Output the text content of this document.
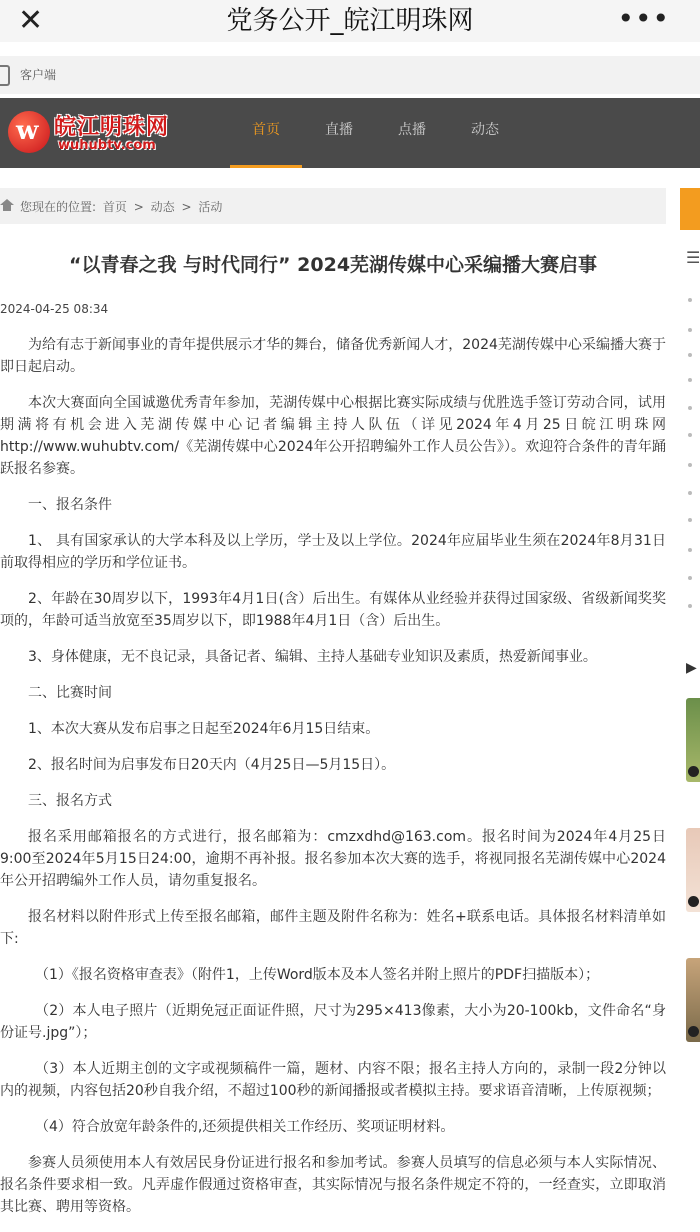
✕	党务公开_皖江明珠网	•••
客户端
w 皖江明珠网
wuhubtv.com
首页	直播	点播	动态
您现在的位置: 首页 > 动态 > 活动
☰
▶
“以青春之我 与时代同行” 2024芜湖传媒中心采编播大赛启事
2024-04-25 08:34

为给有志于新闻事业的青年提供展示才华的舞台，储备优秀新闻人才，2024芜湖传媒中心采编播大赛于即日起启动。

本次大赛面向全国诚邀优秀青年参加，芜湖传媒中心根据比赛实际成绩与优胜选手签订劳动合同，试用期满将有机会进入芜湖传媒中心记者编辑主持人队伍（详见2024年4月25日皖江明珠网http://www.wuhubtv.com/《芜湖传媒中心2024年公开招聘编外工作人员公告》）。欢迎符合条件的青年踊跃报名参赛。

一、报名条件

1、 具有国家承认的大学本科及以上学历，学士及以上学位。2024年应届毕业生须在2024年8月31日前取得相应的学历和学位证书。

2、年龄在30周岁以下，1993年4月1日(含）后出生。有媒体从业经验并获得过国家级、省级新闻奖奖项的，年龄可适当放宽至35周岁以下，即1988年4月1日（含）后出生。

3、身体健康，无不良记录，具备记者、编辑、主持人基础专业知识及素质，热爱新闻事业。

二、比赛时间

1、本次大赛从发布启事之日起至2024年6月15日结束。

2、报名时间为启事发布日20天内（4月25日—5月15日）。

三、报名方式

报名采用邮箱报名的方式进行，报名邮箱为：cmzxdhd@163.com。报名时间为2024年4月25日9:00至2024年5月15日24:00，逾期不再补报。报名参加本次大赛的选手，将视同报名芜湖传媒中心2024年公开招聘编外工作人员，请勿重复报名。

报名材料以附件形式上传至报名邮箱，邮件主题及附件名称为：姓名+联系电话。具体报名材料清单如下:

（1）《报名资格审查表》（附件1，上传Word版本及本人签名并附上照片的PDF扫描版本）；

（2）本人电子照片（近期免冠正面证件照，尺寸为295×413像素，大小为20-100kb，文件命名“身份证号.jpg”）；

（3）本人近期主创的文字或视频稿件一篇，题材、内容不限；报名主持人方向的，录制一段2分钟以内的视频，内容包括20秒自我介绍，不超过100秒的新闻播报或者模拟主持。要求语音清晰，上传原视频；

（4）符合放宽年龄条件的,还须提供相关工作经历、奖项证明材料。

参赛人员须使用本人有效居民身份证进行报名和参加考试。参赛人员填写的信息必须与本人实际情况、报名条件要求相一致。凡弄虚作假通过资格审查，其实际情况与报名条件规定不符的，一经查实，立即取消其比赛、聘用等资格。
